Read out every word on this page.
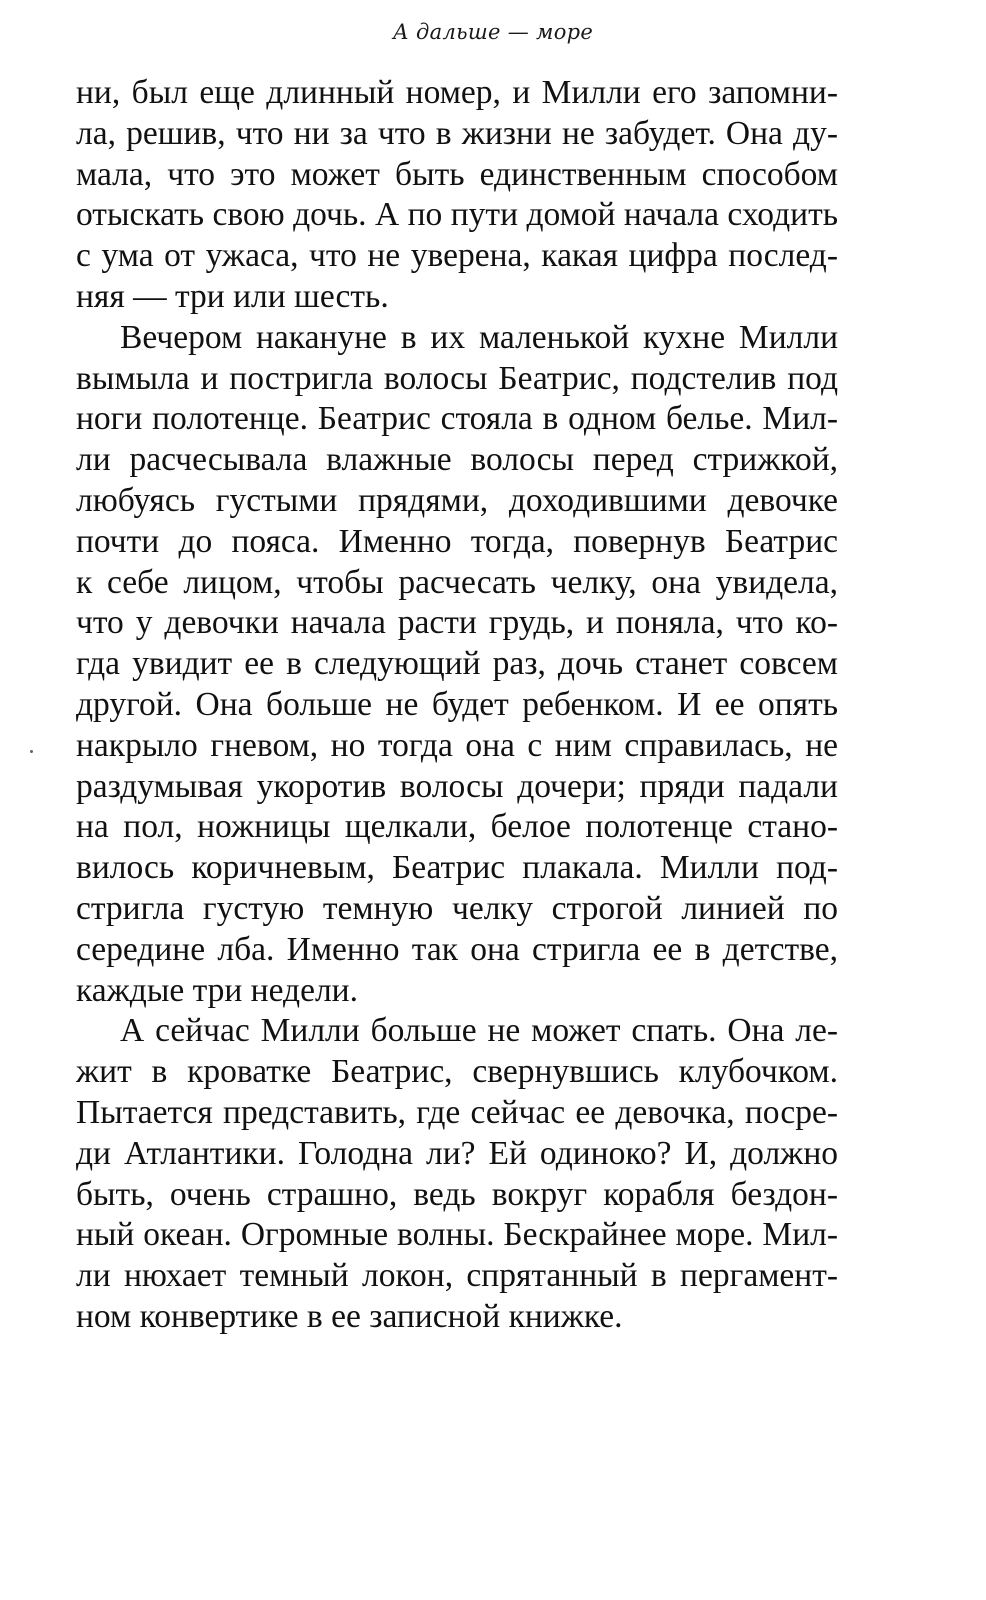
А дальше — море
ни, был еще длинный номер, и Милли его запомни-
ла, решив, что ни за что в жизни не забудет. Она ду-
мала, что это может быть единственным способом
отыскать свою дочь. А по пути домой начала сходить
с ума от ужаса, что не уверена, какая цифра послед-
няя — три или шесть.
Вечером накануне в их маленькой кухне Милли
вымыла и постригла волосы Беатрис, подстелив под
ноги полотенце. Беатрис стояла в одном белье. Мил-
ли расчесывала влажные волосы перед стрижкой,
любуясь густыми прядями, доходившими девочке
почти до пояса. Именно тогда, повернув Беатрис
к себе лицом, чтобы расчесать челку, она увидела,
что у девочки начала расти грудь, и поняла, что ко-
гда увидит ее в следующий раз, дочь станет совсем
другой. Она больше не будет ребенком. И ее опять
накрыло гневом, но тогда она с ним справилась, не
раздумывая укоротив волосы дочери; пряди падали
на пол, ножницы щелкали, белое полотенце стано-
вилось коричневым, Беатрис плакала. Милли под-
стригла густую темную челку строгой линией по
середине лба. Именно так она стригла ее в детстве,
каждые три недели.
А сейчас Милли больше не может спать. Она ле-
жит в кроватке Беатрис, свернувшись клубочком.
Пытается представить, где сейчас ее девочка, посре-
ди Атлантики. Голодна ли? Ей одиноко? И, должно
быть, очень страшно, ведь вокруг корабля бездон-
ный океан. Огромные волны. Бескрайнее море. Мил-
ли нюхает темный локон, спрятанный в пергамент-
ном конвертике в ее записной книжке.
